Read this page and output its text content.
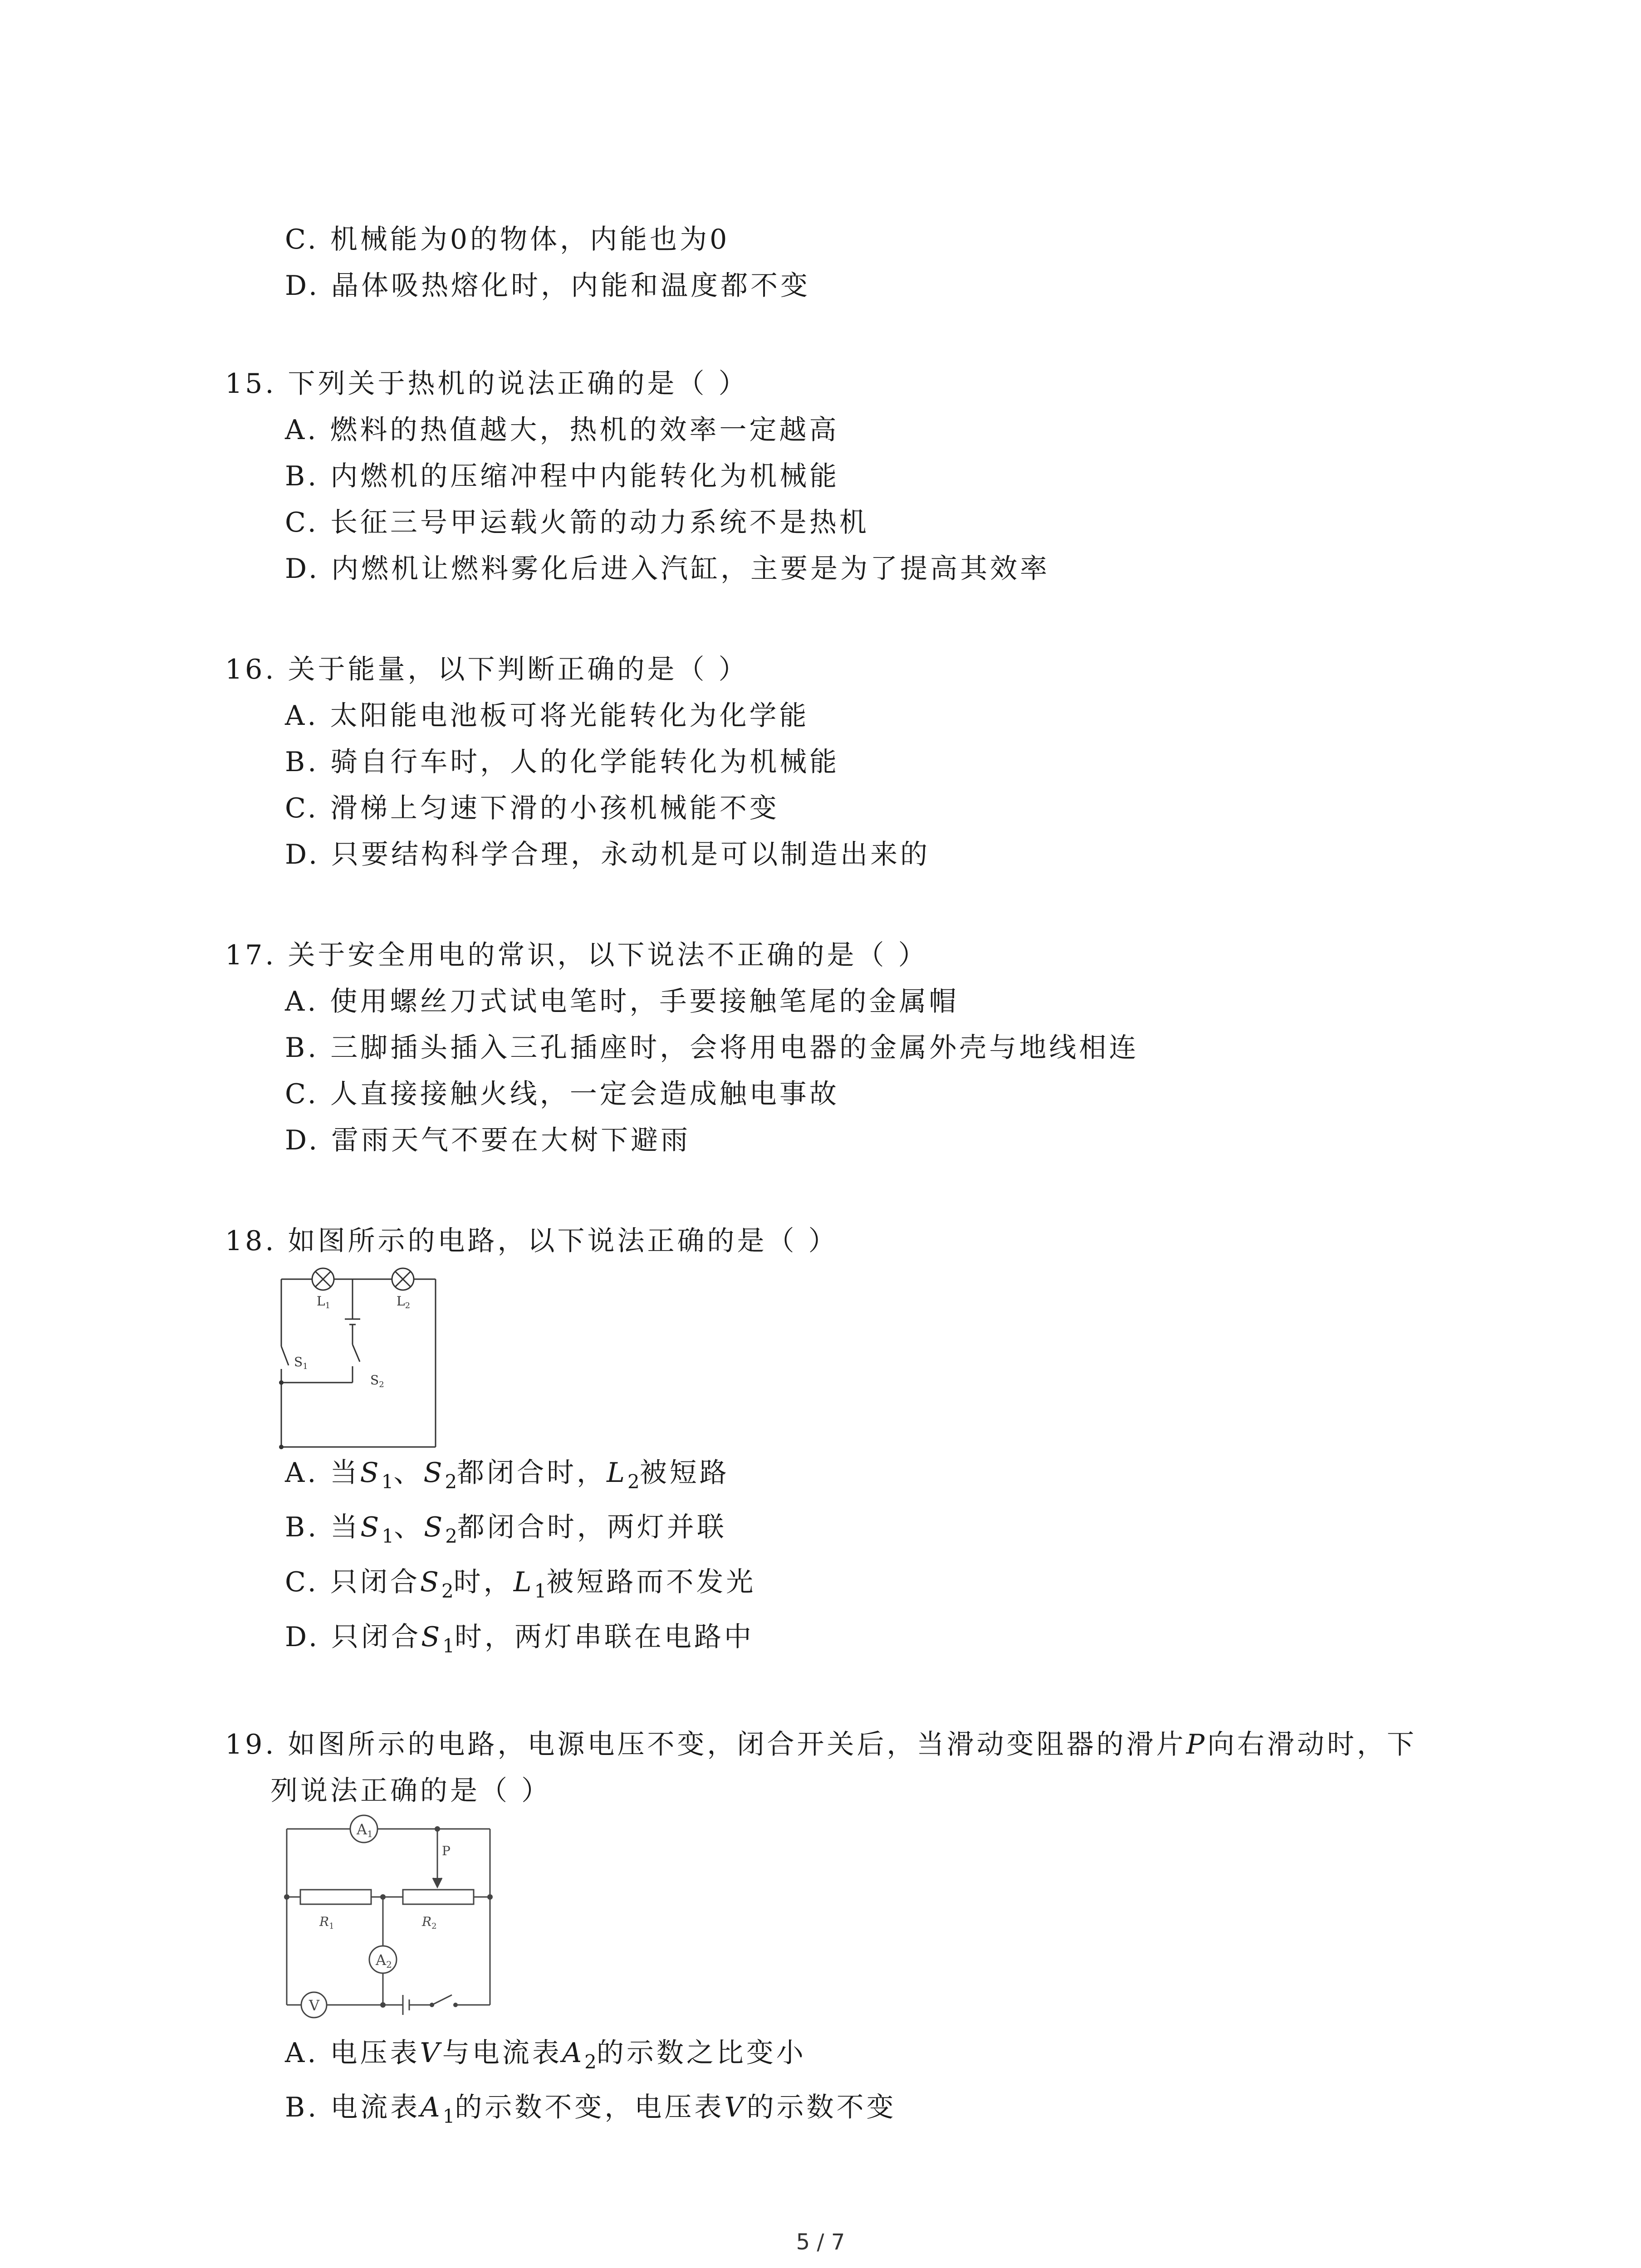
C. 机械能为0的物体，内能也为0
D. 晶体吸热熔化时，内能和温度都不变
15. 下列关于热机的说法正确的是（ ）
A. 燃料的热值越大，热机的效率一定越高
B. 内燃机的压缩冲程中内能转化为机械能
C. 长征三号甲运载火箭的动力系统不是热机
D. 内燃机让燃料雾化后进入汽缸，主要是为了提高其效率
16. 关于能量，以下判断正确的是（ ）
A. 太阳能电池板可将光能转化为化学能
B. 骑自行车时，人的化学能转化为机械能
C. 滑梯上匀速下滑的小孩机械能不变
D. 只要结构科学合理，永动机是可以制造出来的
17. 关于安全用电的常识，以下说法不正确的是（ ）
A. 使用螺丝刀式试电笔时，手要接触笔尾的金属帽
B. 三脚插头插入三孔插座时，会将用电器的金属外壳与地线相连
C. 人直接接触火线，一定会造成触电事故
D. 雷雨天气不要在大树下避雨
18. 如图所示的电路，以下说法正确的是（ ）
$L_1$	$L_2$
$S_1$
$S_2$
A. 当$S_1$、$S_2$都闭合时，$L_2$被短路
B. 当$S_1$、$S_2$都闭合时，两灯并联
C. 只闭合$S_2$时，$L_1$被短路而不发光
D. 只闭合$S_1$时，两灯串联在电路中
19. 如图所示的电路，电源电压不变，闭合开关后，当滑动变阻器的滑片P向右滑动时，下
列说法正确的是（ ）
A1
A2
V
P
$R_1$	$R_2$
A. 电压表V与电流表$A_2$的示数之比变小
B. 电流表$A_1$的示数不变，电压表V的示数不变
5 / 7
